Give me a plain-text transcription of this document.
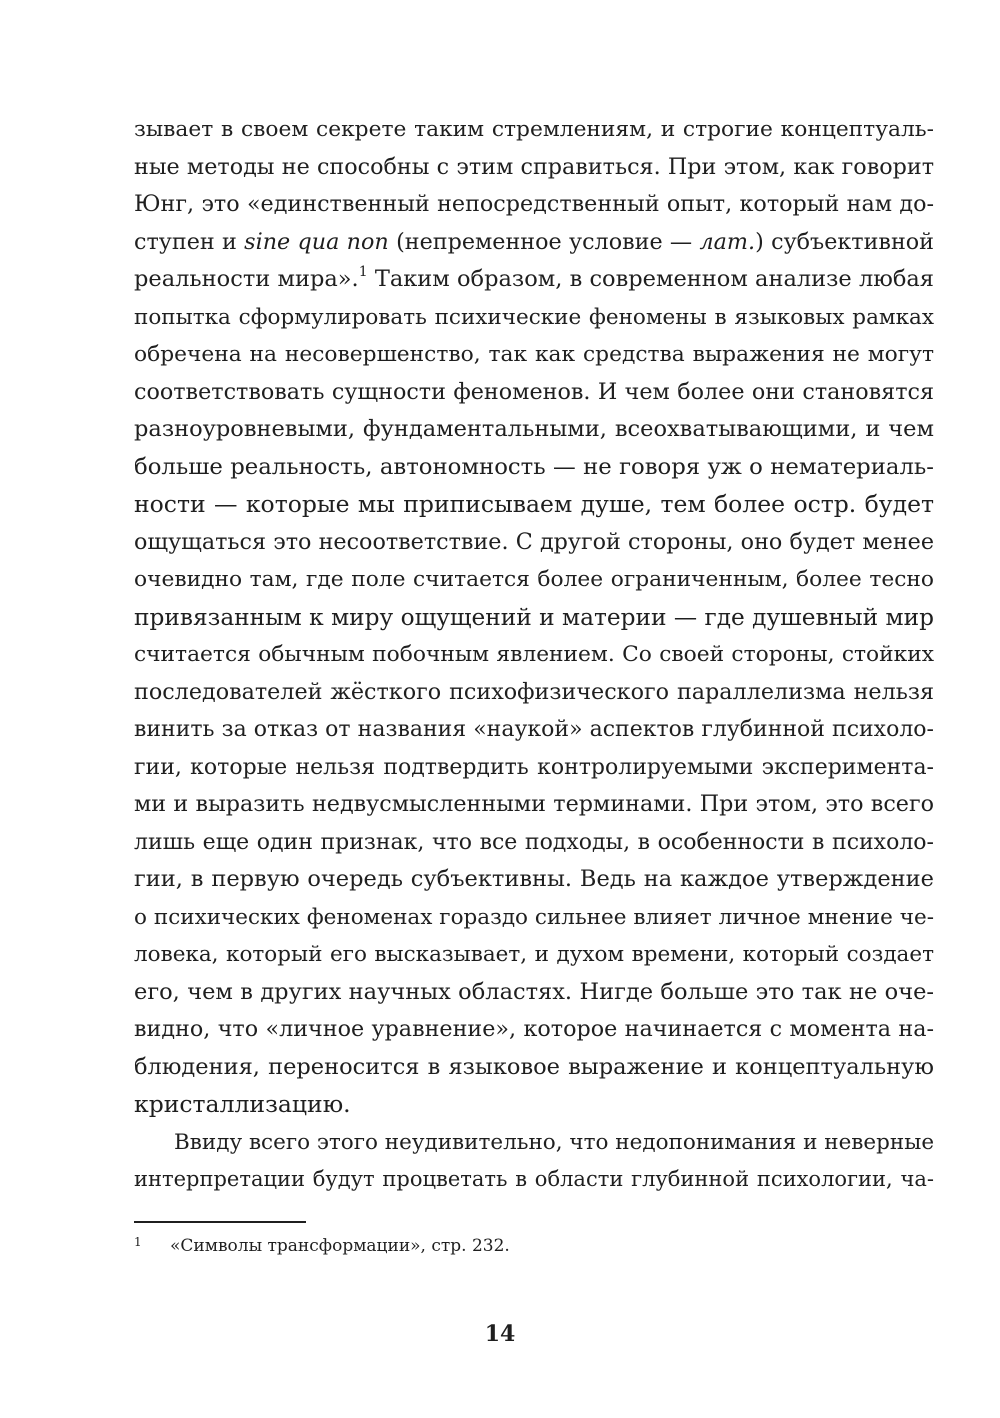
зывает в своем секрете таким стремлениям, и строгие концептуаль-
ные методы не способны с этим справиться. При этом, как говорит
Юнг, это «единственный непосредственный опыт, который нам до-
ступен и sine qua non (непременное условие — лат.) субъективной
реальности мира».$^1$ Таким образом, в современном анализе любая
попытка сформулировать психические феномены в языковых рамках
обречена на несовершенство, так как средства выражения не могут
соответствовать сущности феноменов. И чем более они становятся
разноуровневыми, фундаментальными, всеохватывающими, и чем
больше реальность, автономность — не говоря уж о нематериаль-
ности — которые мы приписываем душе, тем более остр. будет
ощущаться это несоответствие. С другой стороны, оно будет менее
очевидно там, где поле считается более ограниченным, более тесно
привязанным к миру ощущений и материи — где душевный мир
считается обычным побочным явлением. Со своей стороны, стойких
последователей жёсткого психофизического параллелизма нельзя
винить за отказ от названия «наукой» аспектов глубинной психоло-
гии, которые нельзя подтвердить контролируемыми эксперимента-
ми и выразить недвусмысленными терминами. При этом, это всего
лишь еще один признак, что все подходы, в особенности в психоло-
гии, в первую очередь субъективны. Ведь на каждое утверждение
о психических феноменах гораздо сильнее влияет личное мнение че-
ловека, который его высказывает, и духом времени, который создает
его, чем в других научных областях. Нигде больше это так не оче-
видно, что «личное уравнение», которое начинается с момента на-
блюдения, переносится в языковое выражение и концептуальную
кристаллизацию.
Ввиду всего этого неудивительно, что недопонимания и неверные
интерпретации будут процветать в области глубинной психологии, ча-
1 «Символы трансформации», стр. 232.
14
